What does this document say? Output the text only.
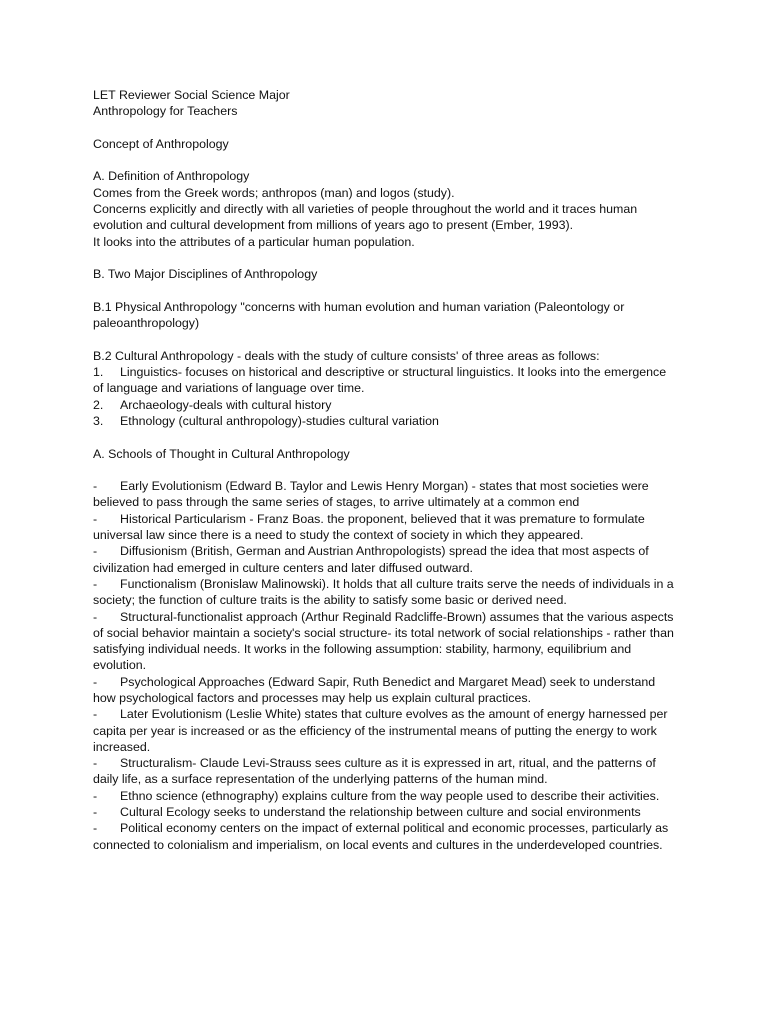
LET Reviewer Social Science Major
Anthropology for Teachers
Concept of Anthropology
A. Definition of Anthropology
Comes from the Greek words; anthropos (man) and logos (study).
Concerns explicitly and directly with all varieties of people throughout the world and it traces human evolution and cultural development from millions of years ago to present (Ember, 1993).
It looks into the attributes of a particular human population.
B. Two Major Disciplines of Anthropology
B.1 Physical Anthropology "concerns with human evolution and human variation (Paleontology or paleoanthropology)
B.2 Cultural Anthropology - deals with the study of culture consists' of three areas as follows:
1. Linguistics- focuses on historical and descriptive or structural linguistics. It looks into the emergence of language and variations of language over time.
2. Archaeology-deals with cultural history
3. Ethnology (cultural anthropology)-studies cultural variation
A. Schools of Thought in Cultural Anthropology
- Early Evolutionism (Edward B. Taylor and Lewis Henry Morgan) - states that most societies were believed to pass through the same series of stages, to arrive ultimately at a common end
- Historical Particularism - Franz Boas. the proponent, believed that it was premature to formulate universal law since there is a need to study the context of society in which they appeared.
- Diffusionism (British, German and Austrian Anthropologists) spread the idea that most aspects of civilization had emerged in culture centers and later diffused outward.
- Functionalism (Bronislaw Malinowski). It holds that all culture traits serve the needs of individuals in a society; the function of culture traits is the ability to satisfy some basic or derived need.
- Structural-functionalist approach (Arthur Reginald Radcliffe-Brown) assumes that the various aspects of social behavior maintain a society's social structure- its total network of social relationships - rather than satisfying individual needs. It works in the following assumption: stability, harmony, equilibrium and evolution.
- Psychological Approaches (Edward Sapir, Ruth Benedict and Margaret Mead) seek to understand how psychological factors and processes may help us explain cultural practices.
- Later Evolutionism (Leslie White) states that culture evolves as the amount of energy harnessed per capita per year is increased or as the efficiency of the instrumental means of putting the energy to work increased.
- Structuralism- Claude Levi-Strauss sees culture as it is expressed in art, ritual, and the patterns of daily life, as a surface representation of the underlying patterns of the human mind.
- Ethno science (ethnography) explains culture from the way people used to describe their activities.
- Cultural Ecology seeks to understand the relationship between culture and social environments
- Political economy centers on the impact of external political and economic processes, particularly as connected to colonialism and imperialism, on local events and cultures in the underdeveloped countries.
